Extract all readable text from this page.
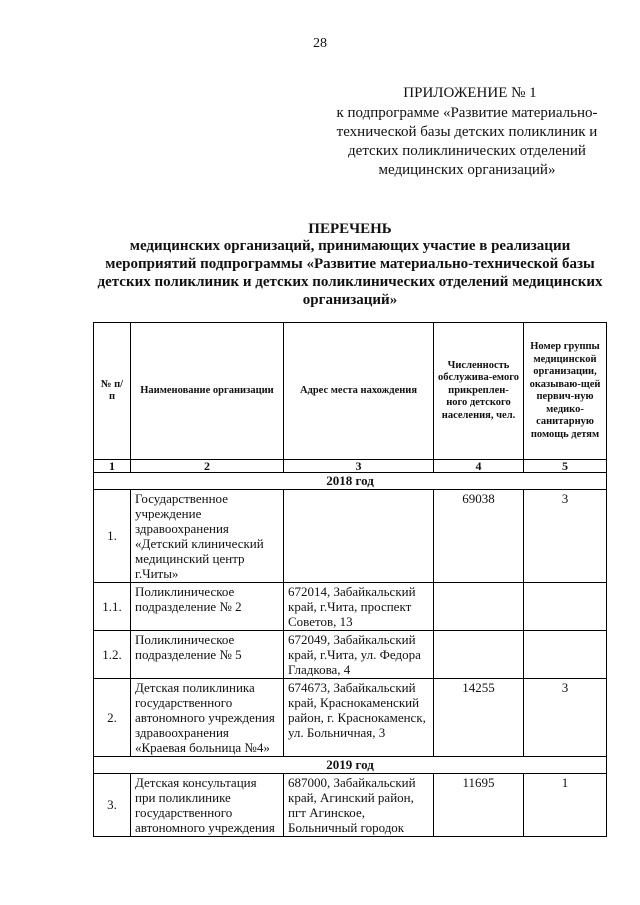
28
ПРИЛОЖЕНИЕ № 1
к подпрограмме «Развитие материально-технической базы детских поликлиник и детских поликлинических отделений медицинских организаций»
ПЕРЕЧЕНЬ
медицинских организаций, принимающих участие в реализации мероприятий подпрограммы «Развитие материально-технической базы детских поликлиник и детских поликлинических отделений медицинских организаций»
№ п/п	Наименование организации	Адрес места нахождения	Численность обслужива-емого прикреплен-ного детского населения, чел.	Номер группы медицинской организации, оказываю-щей первич-ную медико-санитарную помощь детям
1	2	3	4	5
2018 год				
1.	Государственное учреждение здравоохранения «Детский клинический медицинский центр г.Читы»		69038	3
1.1.	Поликлиническое подразделение № 2	672014, Забайкальский край, г.Чита, проспект Советов, 13		
1.2.	Поликлиническое подразделение № 5	672049, Забайкальский край, г.Чита, ул. Федора Гладкова, 4		
2.	Детская поликлиника государственного автономного учреждения здравоохранения «Краевая больница №4»	674673, Забайкальский край, Краснокаменский район, г. Краснокаменск, ул. Больничная, 3	14255	3
2019 год				
3.	Детская консультация при поликлинике государственного автономного учреждения	687000, Забайкальский край, Агинский район, пгт Агинское, Больничный городок	11695	1
